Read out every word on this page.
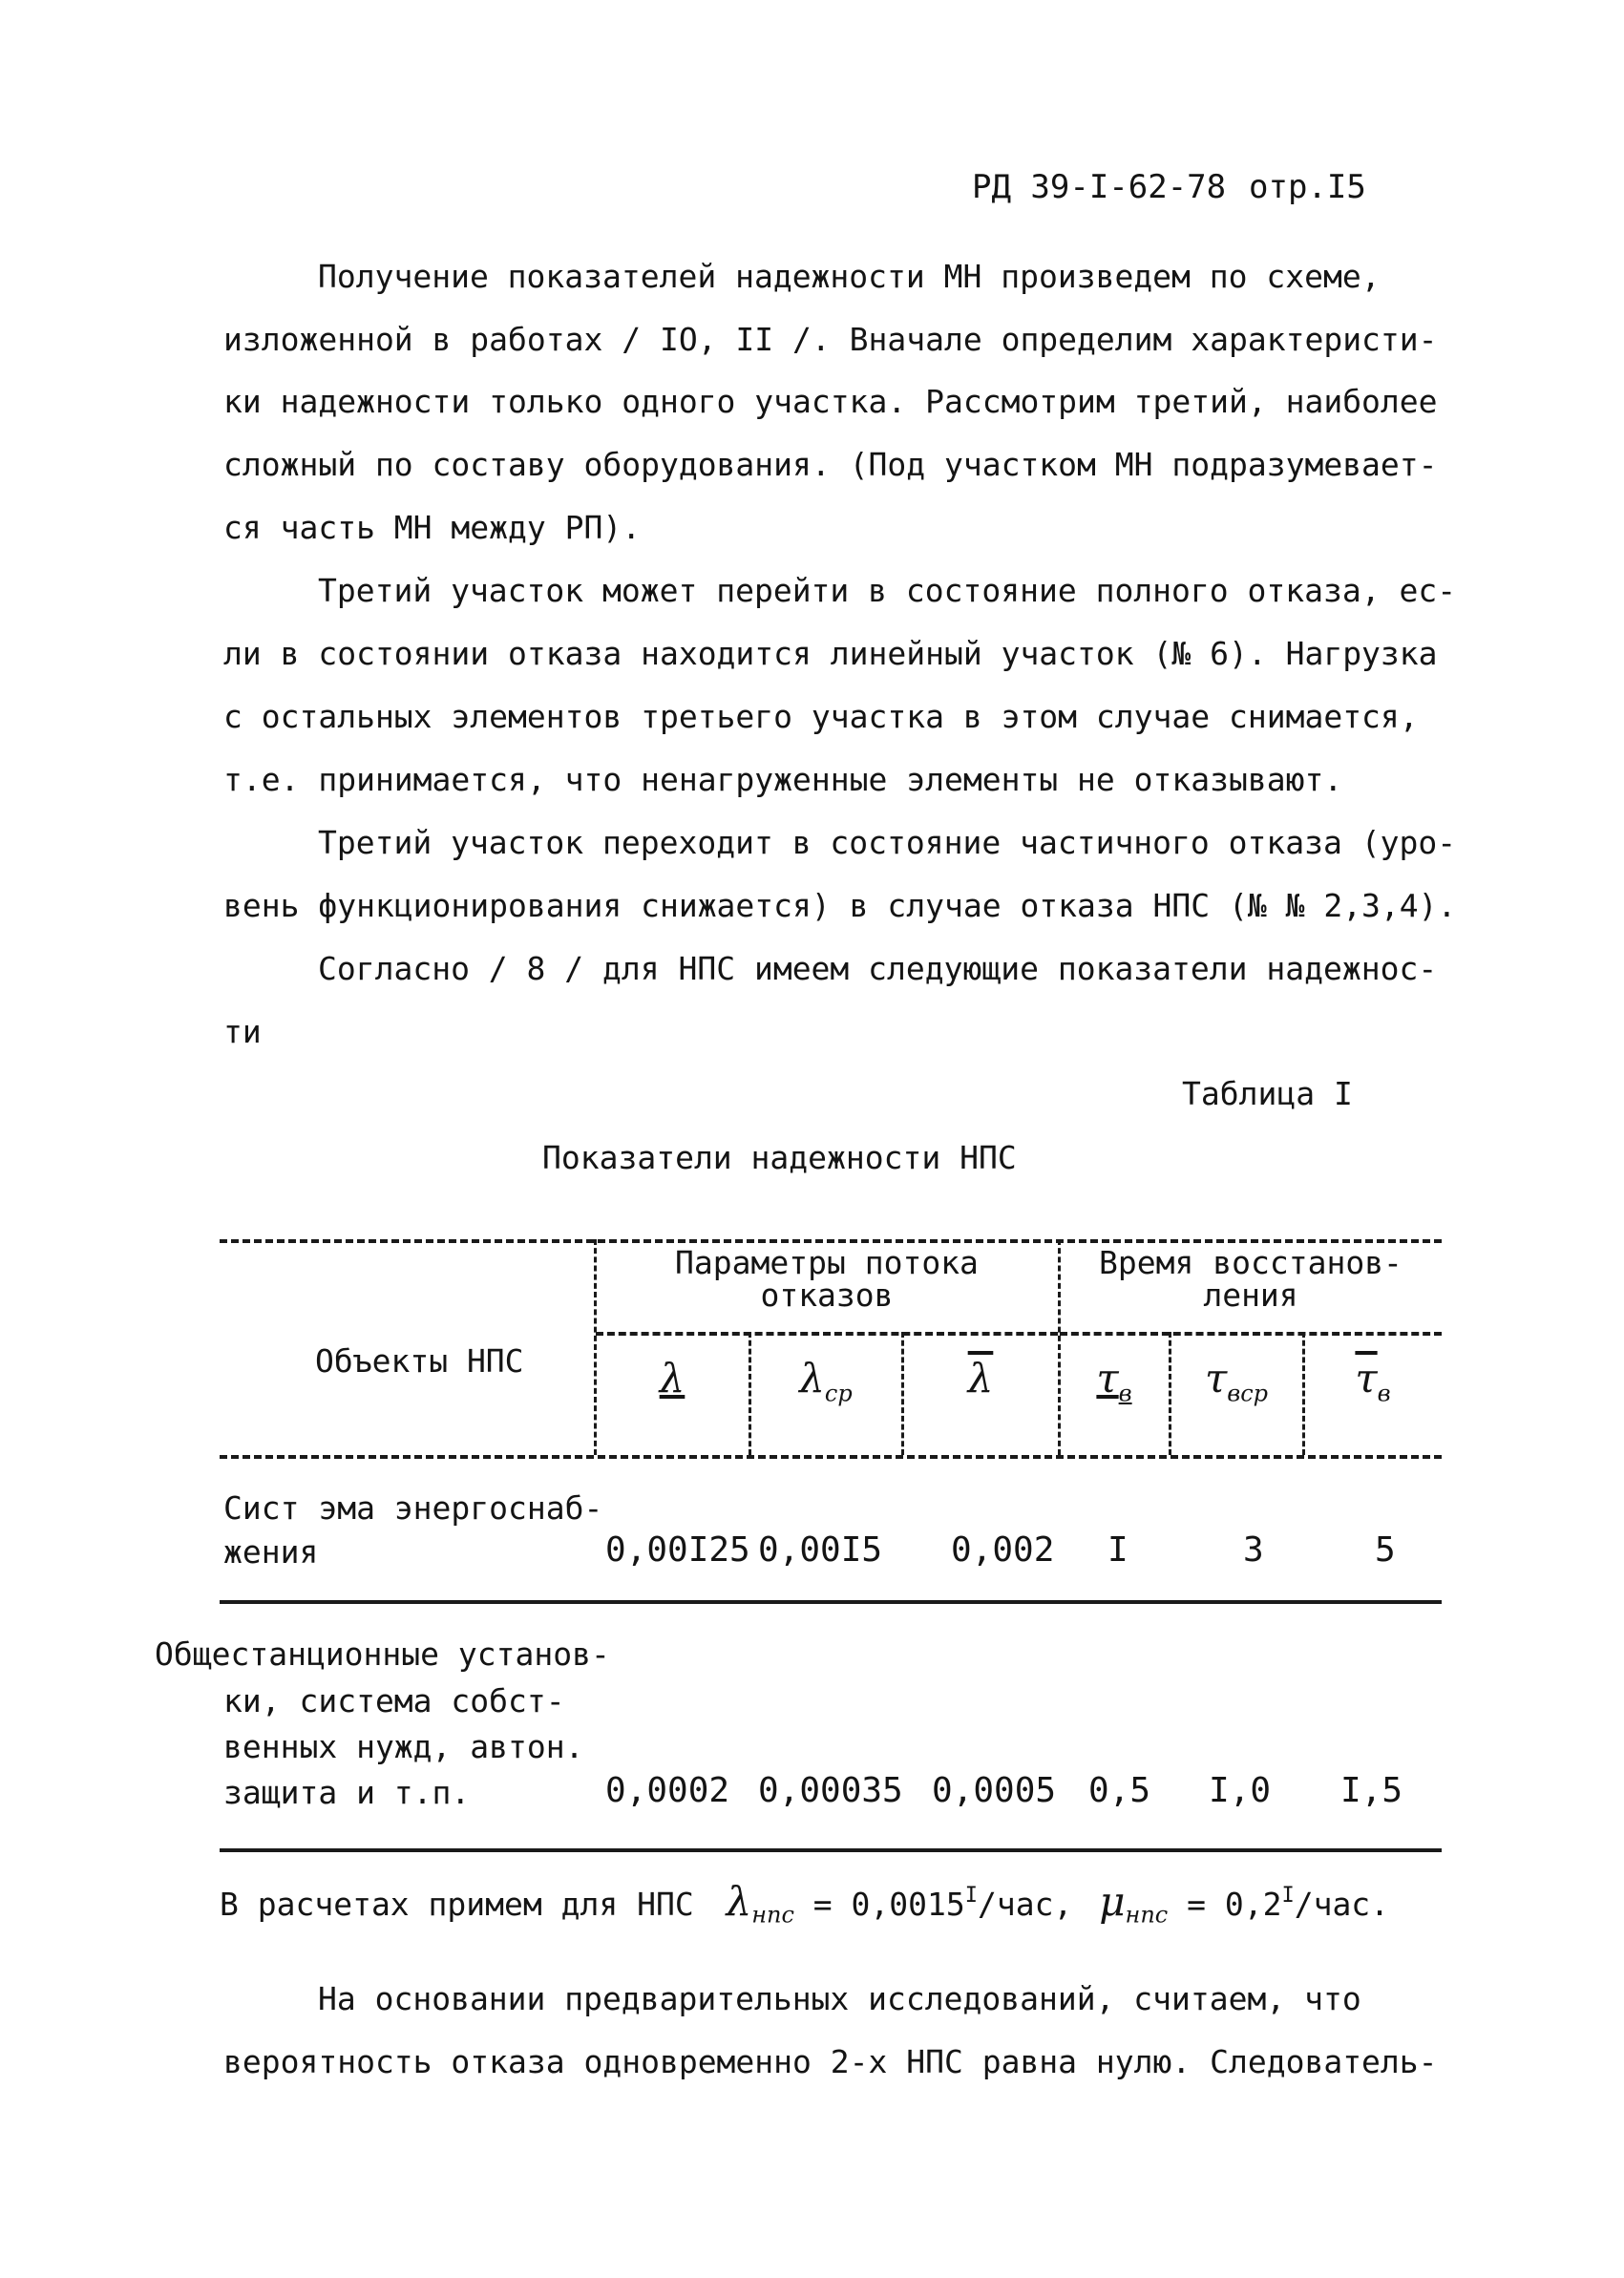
РД 39-I-62-78 отр.I5
Получение показателей надежности МН произведем по схеме,
изложенной в работах / IO, II /. Вначале определим характеристи-
ки надежности только одного участка. Рассмотрим третий, наиболее
сложный по составу оборудования. (Под участком МН подразумевает-
ся часть МН между РП).
Третий участок может перейти в состояние полного отказа, ес-
ли в состоянии отказа находится линейный участок (№ 6). Нагрузка
с остальных элементов третьего участка в этом случае снимается,
т.е. принимается, что ненагруженные элементы не отказывают.
Третий участок переходит в состояние частичного отказа (уро-
вень функционирования снижается) в случае отказа НПС (№ № 2,3,4).
Согласно / 8 / для НПС имеем следующие показатели надежнос-
ти
Таблица I
Показатели надежности НПС
Объекты НПС
Параметры потока
отказов
Время восстанов-
ления
λ	$\lambda_{ср}$	$\overline{\lambda}$	$\tau_в$	$\tau_{вср}$	$\overline{\tau}_в$
Сист эма энергоснаб-
жения	0,00I25 0,00I5 0,002 I	3	5
Общестанционные установ-
ки, система собст-
венных нужд, автон.
защита и т.п.	0,0002 0,00035 0,0005 0,5 I,0 I,5
В расчетах примем для НПС $\lambda_{нпс} = 0,0015^I/час$, $\mu_{нпс} = 0,2^I/час$.
На основании предварительных исследований, считаем, что
вероятность отказа одновременно 2-х НПС равна нулю. Следователь-
